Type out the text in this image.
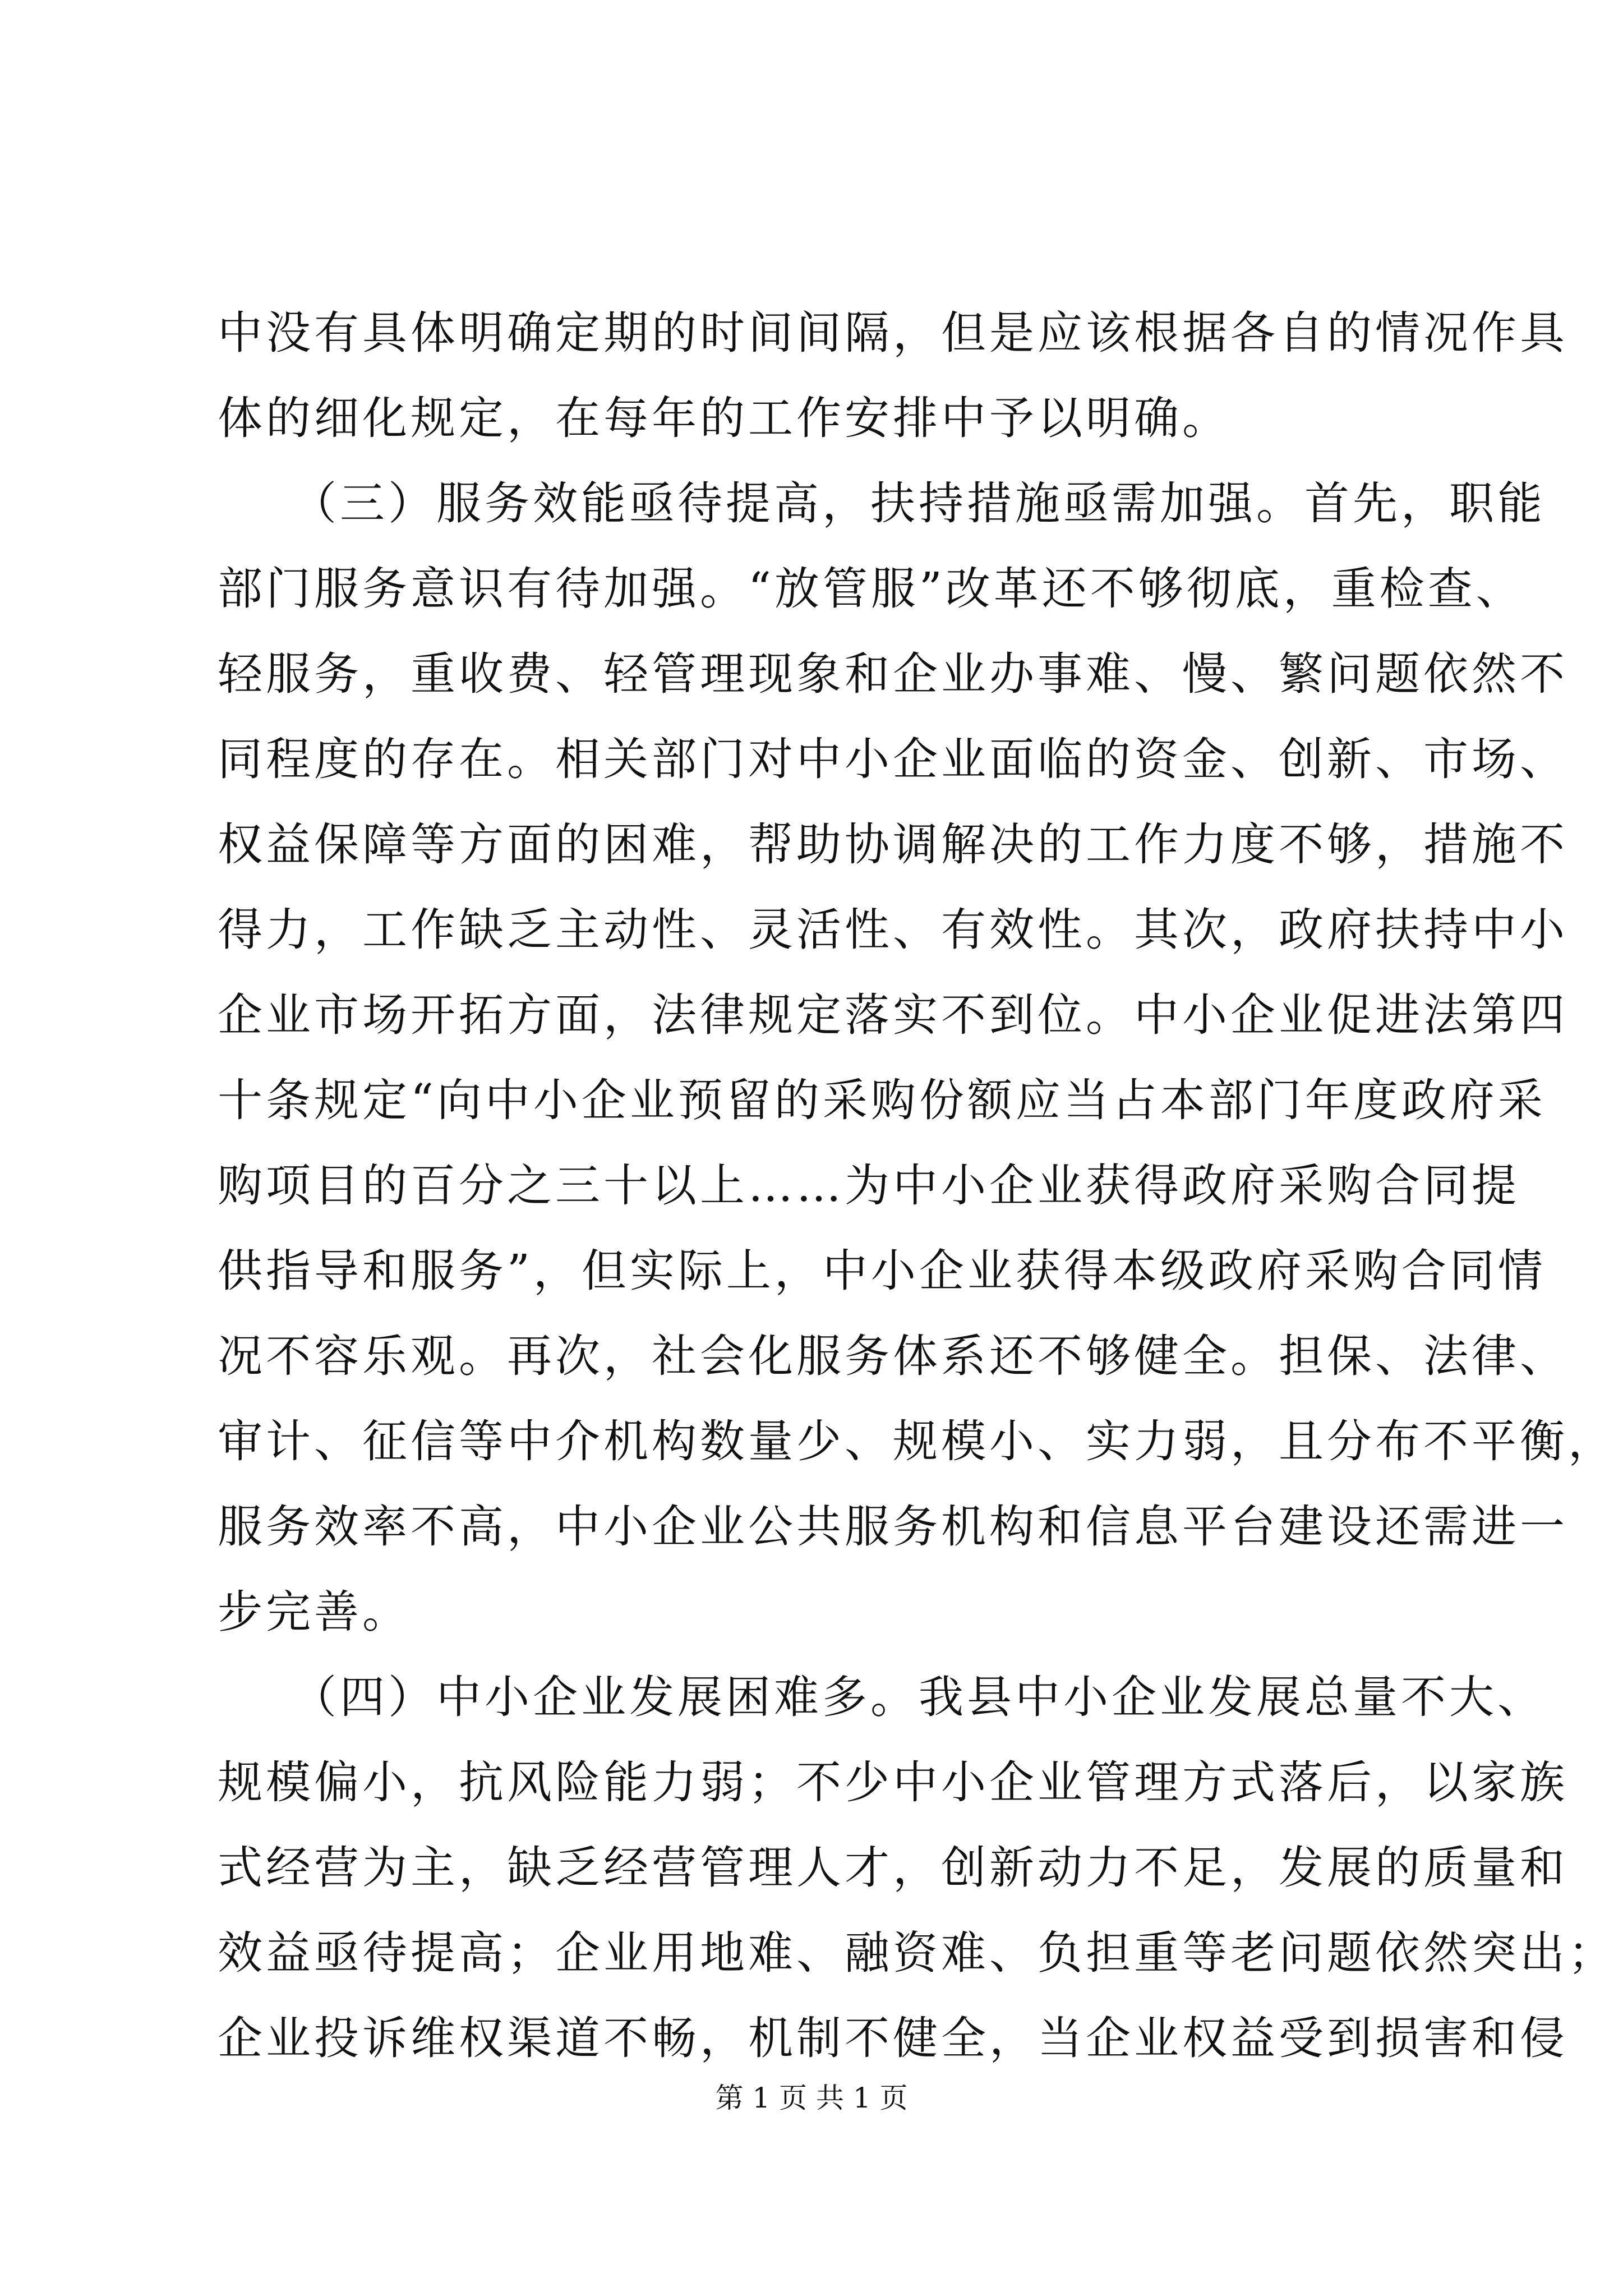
中没有具体明确定期的时间间隔，但是应该根据各自的情况作具
体的细化规定，在每年的工作安排中予以明确。
　　（三）服务效能亟待提高，扶持措施亟需加强。首先，职能
部门服务意识有待加强。“放管服”改革还不够彻底，重检查、
轻服务，重收费、轻管理现象和企业办事难、慢、繁问题依然不
同程度的存在。相关部门对中小企业面临的资金、创新、市场、
权益保障等方面的困难，帮助协调解决的工作力度不够，措施不
得力，工作缺乏主动性、灵活性、有效性。其次，政府扶持中小
企业市场开拓方面，法律规定落实不到位。中小企业促进法第四
十条规定“向中小企业预留的采购份额应当占本部门年度政府采
购项目的百分之三十以上……为中小企业获得政府采购合同提
供指导和服务”，但实际上，中小企业获得本级政府采购合同情
况不容乐观。再次，社会化服务体系还不够健全。担保、法律、
审计、征信等中介机构数量少、规模小、实力弱，且分布不平衡，
服务效率不高，中小企业公共服务机构和信息平台建设还需进一
步完善。
　　（四）中小企业发展困难多。我县中小企业发展总量不大、
规模偏小，抗风险能力弱；不少中小企业管理方式落后，以家族
式经营为主，缺乏经营管理人才，创新动力不足，发展的质量和
效益亟待提高；企业用地难、融资难、负担重等老问题依然突出；
企业投诉维权渠道不畅，机制不健全，当企业权益受到损害和侵
第 1 页 共 1 页
